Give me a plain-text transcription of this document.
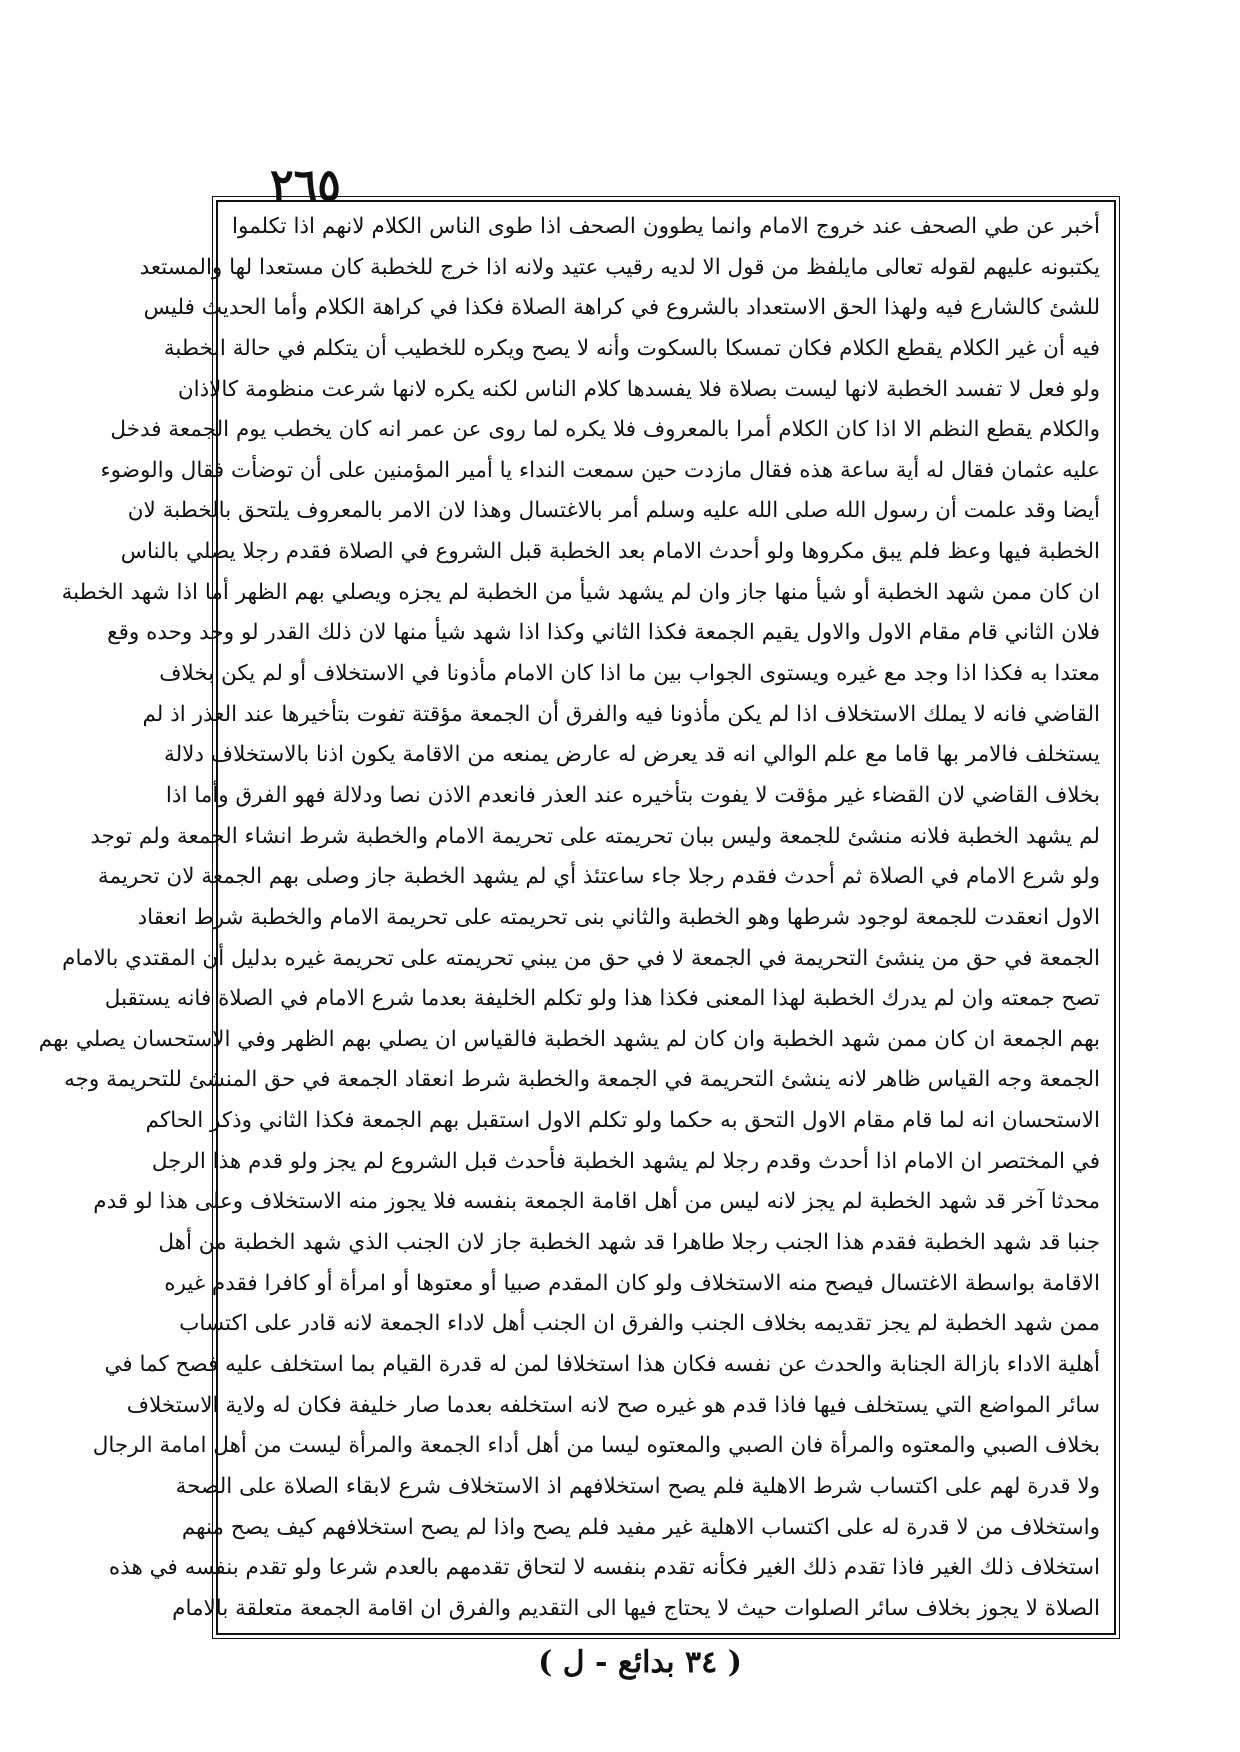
٢٦٥
أخبر عن طي الصحف عند خروج الامام وانما يطوون الصحف اذا طوى الناس الكلام لانهم اذا تكلموا
يكتبونه عليهم لقوله تعالى مايلفظ من قول الا لديه رقيب عتيد ولانه اذا خرج للخطبة كان مستعدا لها والمستعد
للشئ كالشارع فيه ولهذا الحق الاستعداد بالشروع في كراهة الصلاة فكذا في كراهة الكلام وأما الحديث فليس
فيه أن غير الكلام يقطع الكلام فكان تمسكا بالسكوت وأنه لا يصح ويكره للخطيب أن يتكلم في حالة الخطبة
ولو فعل لا تفسد الخطبة لانها ليست بصلاة فلا يفسدها كلام الناس لكنه يكره لانها شرعت منظومة كالاذان
والكلام يقطع النظم الا اذا كان الكلام أمرا بالمعروف فلا يكره لما روى عن عمر انه كان يخطب يوم الجمعة فدخل
عليه عثمان فقال له أية ساعة هذه فقال مازدت حين سمعت النداء يا أمير المؤمنين على أن توضأت فقال والوضوء
أيضا وقد علمت أن رسول الله صلى الله عليه وسلم أمر بالاغتسال وهذا لان الامر بالمعروف يلتحق بالخطبة لان
الخطبة فيها وعظ فلم يبق مكروها ولو أحدث الامام بعد الخطبة قبل الشروع في الصلاة فقدم رجلا يصلي بالناس
ان كان ممن شهد الخطبة أو شيأ منها جاز وان لم يشهد شيأ من الخطبة لم يجزه ويصلي بهم الظهر أما اذا شهد الخطبة
فلان الثاني قام مقام الاول والاول يقيم الجمعة فكذا الثاني وكذا اذا شهد شيأ منها لان ذلك القدر لو وجد وحده وقع
معتدا به فكذا اذا وجد مع غيره ويستوى الجواب بين ما اذا كان الامام مأذونا في الاستخلاف أو لم يكن بخلاف
القاضي فانه لا يملك الاستخلاف اذا لم يكن مأذونا فيه والفرق أن الجمعة مؤقتة تفوت بتأخيرها عند العذر اذ لم
يستخلف فالامر بها قاما مع علم الوالي انه قد يعرض له عارض يمنعه من الاقامة يكون اذنا بالاستخلاف دلالة
بخلاف القاضي لان القضاء غير مؤقت لا يفوت بتأخيره عند العذر فانعدم الاذن نصا ودلالة فهو الفرق وأما اذا
لم يشهد الخطبة فلانه منشئ للجمعة وليس ببان تحريمته على تحريمة الامام والخطبة شرط انشاء الجمعة ولم توجد
ولو شرع الامام في الصلاة ثم أحدث فقدم رجلا جاء ساعتئذ أي لم يشهد الخطبة جاز وصلى بهم الجمعة لان تحريمة
الاول انعقدت للجمعة لوجود شرطها وهو الخطبة والثاني بنى تحريمته على تحريمة الامام والخطبة شرط انعقاد
الجمعة في حق من ينشئ التحريمة في الجمعة لا في حق من يبني تحريمته على تحريمة غيره بدليل أن المقتدي بالامام
تصح جمعته وان لم يدرك الخطبة لهذا المعنى فكذا هذا ولو تكلم الخليفة بعدما شرع الامام في الصلاة فانه يستقبل
بهم الجمعة ان كان ممن شهد الخطبة وان كان لم يشهد الخطبة فالقياس ان يصلي بهم الظهر وفي الاستحسان يصلي بهم
الجمعة وجه القياس ظاهر لانه ينشئ التحريمة في الجمعة والخطبة شرط انعقاد الجمعة في حق المنشئ للتحريمة وجه
الاستحسان انه لما قام مقام الاول التحق به حكما ولو تكلم الاول استقبل بهم الجمعة فكذا الثاني وذكر الحاكم
في المختصر ان الامام اذا أحدث وقدم رجلا لم يشهد الخطبة فأحدث قبل الشروع لم يجز ولو قدم هذا الرجل
محدثا آخر قد شهد الخطبة لم يجز لانه ليس من أهل اقامة الجمعة بنفسه فلا يجوز منه الاستخلاف وعلى هذا لو قدم
جنبا قد شهد الخطبة فقدم هذا الجنب رجلا طاهرا قد شهد الخطبة جاز لان الجنب الذي شهد الخطبة من أهل
الاقامة بواسطة الاغتسال فيصح منه الاستخلاف ولو كان المقدم صبيا أو معتوها أو امرأة أو كافرا فقدم غيره
ممن شهد الخطبة لم يجز تقديمه بخلاف الجنب والفرق ان الجنب أهل لاداء الجمعة لانه قادر على اكتساب
أهلية الاداء بازالة الجنابة والحدث عن نفسه فكان هذا استخلافا لمن له قدرة القيام بما استخلف عليه فصح كما في
سائر المواضع التي يستخلف فيها فاذا قدم هو غيره صح لانه استخلفه بعدما صار خليفة فكان له ولاية الاستخلاف
بخلاف الصبي والمعتوه والمرأة فان الصبي والمعتوه ليسا من أهل أداء الجمعة والمرأة ليست من أهل امامة الرجال
ولا قدرة لهم على اكتساب شرط الاهلية فلم يصح استخلافهم اذ الاستخلاف شرع لابقاء الصلاة على الصحة
واستخلاف من لا قدرة له على اكتساب الاهلية غير مفيد فلم يصح واذا لم يصح استخلافهم كيف يصح منهم
استخلاف ذلك الغير فاذا تقدم ذلك الغير فكأنه تقدم بنفسه لا لتحاق تقدمهم بالعدم شرعا ولو تقدم بنفسه في هذه
الصلاة لا يجوز بخلاف سائر الصلوات حيث لا يحتاج فيها الى التقديم والفرق ان اقامة الجمعة متعلقة بالامام
( ٣٤ بدائع - ل )
